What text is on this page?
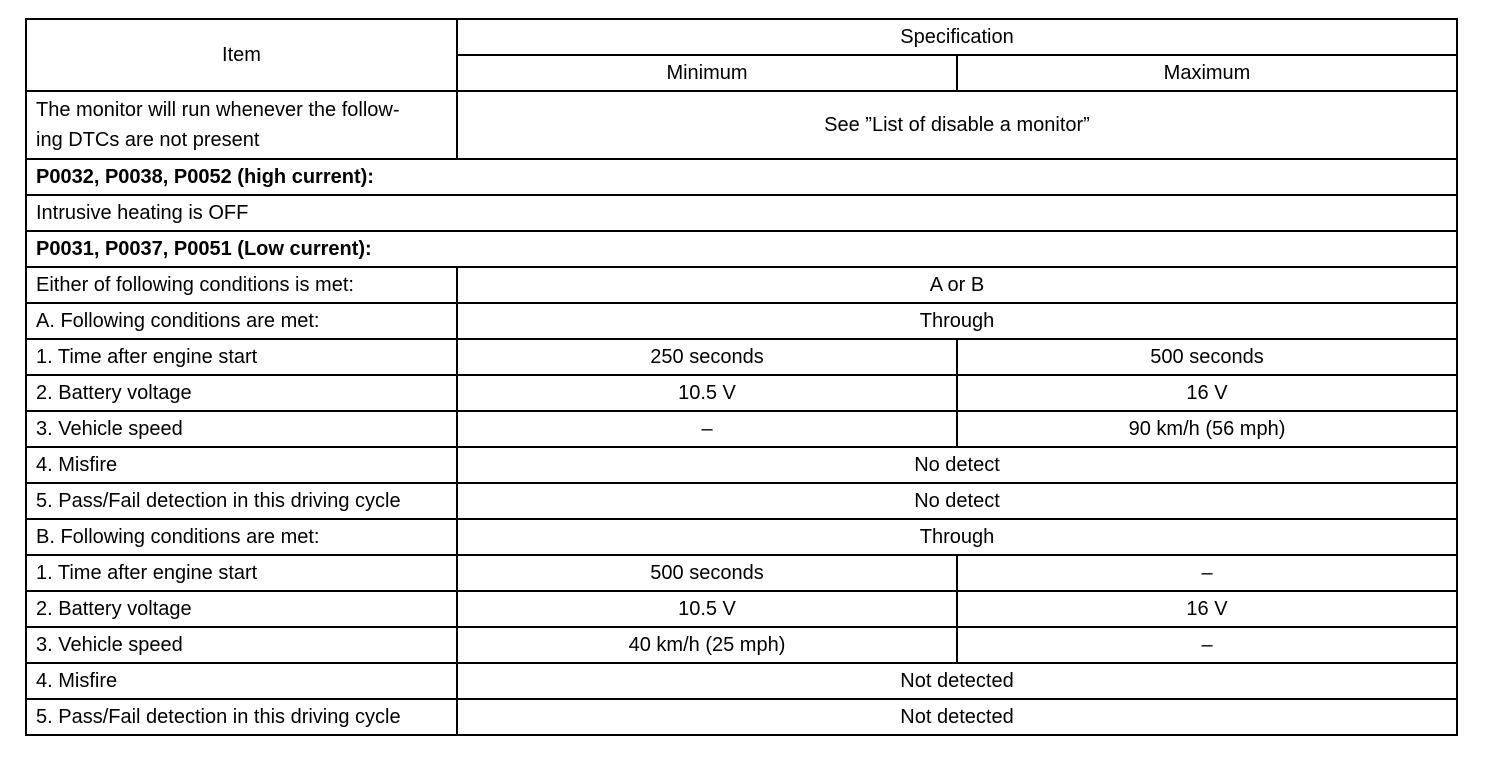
Item	Specification	
	Minimum	Maximum
The monitor will run whenever the follow-
ing DTCs are not present	See ”List of disable a monitor”	
P0032, P0038, P0052 (high current):		
Intrusive heating is OFF		
P0031, P0037, P0051 (Low current):		
Either of following conditions is met:	A or B	
A. Following conditions are met:	Through	
1. Time after engine start	250 seconds	500 seconds
2. Battery voltage	10.5 V	16 V
3. Vehicle speed	–	90 km/h (56 mph)
4. Misfire	No detect	
5. Pass/Fail detection in this driving cycle	No detect	
B. Following conditions are met:	Through	
1. Time after engine start	500 seconds	–
2. Battery voltage	10.5 V	16 V
3. Vehicle speed	40 km/h (25 mph)	–
4. Misfire	Not detected	
5. Pass/Fail detection in this driving cycle	Not detected	
